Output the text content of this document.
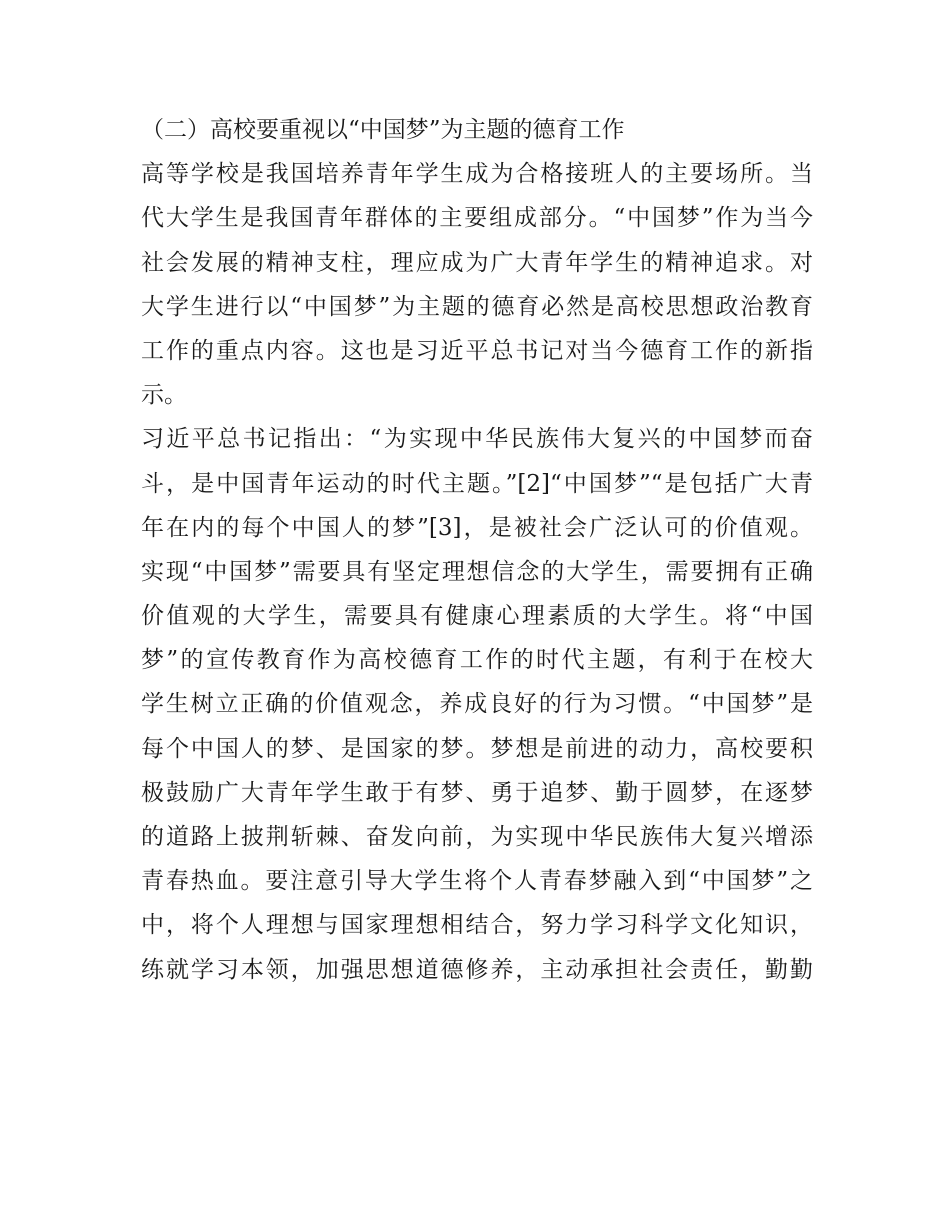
（二）高校要重视以“中国梦”为主题的德育工作
高等学校是我国培养青年学生成为合格接班人的主要场所。当
代大学生是我国青年群体的主要组成部分。“中国梦”作为当今
社会发展的精神支柱，理应成为广大青年学生的精神追求。对
大学生进行以“中国梦”为主题的德育必然是高校思想政治教育
工作的重点内容。这也是习近平总书记对当今德育工作的新指
示。
习近平总书记指出：“为实现中华民族伟大复兴的中国梦而奋
斗，是中国青年运动的时代主题。”[2]“中国梦”“是包括广大青
年在内的每个中国人的梦”[3]，是被社会广泛认可的价值观。
实现“中国梦”需要具有坚定理想信念的大学生，需要拥有正确
价值观的大学生，需要具有健康心理素质的大学生。将“中国
梦”的宣传教育作为高校德育工作的时代主题，有利于在校大
学生树立正确的价值观念，养成良好的行为习惯。“中国梦”是
每个中国人的梦、是国家的梦。梦想是前进的动力，高校要积
极鼓励广大青年学生敢于有梦、勇于追梦、勤于圆梦，在逐梦
的道路上披荆斩棘、奋发向前，为实现中华民族伟大复兴增添
青春热血。要注意引导大学生将个人青春梦融入到“中国梦”之
中，将个人理想与国家理想相结合，努力学习科学文化知识，
练就学习本领，加强思想道德修养，主动承担社会责任，勤勤
